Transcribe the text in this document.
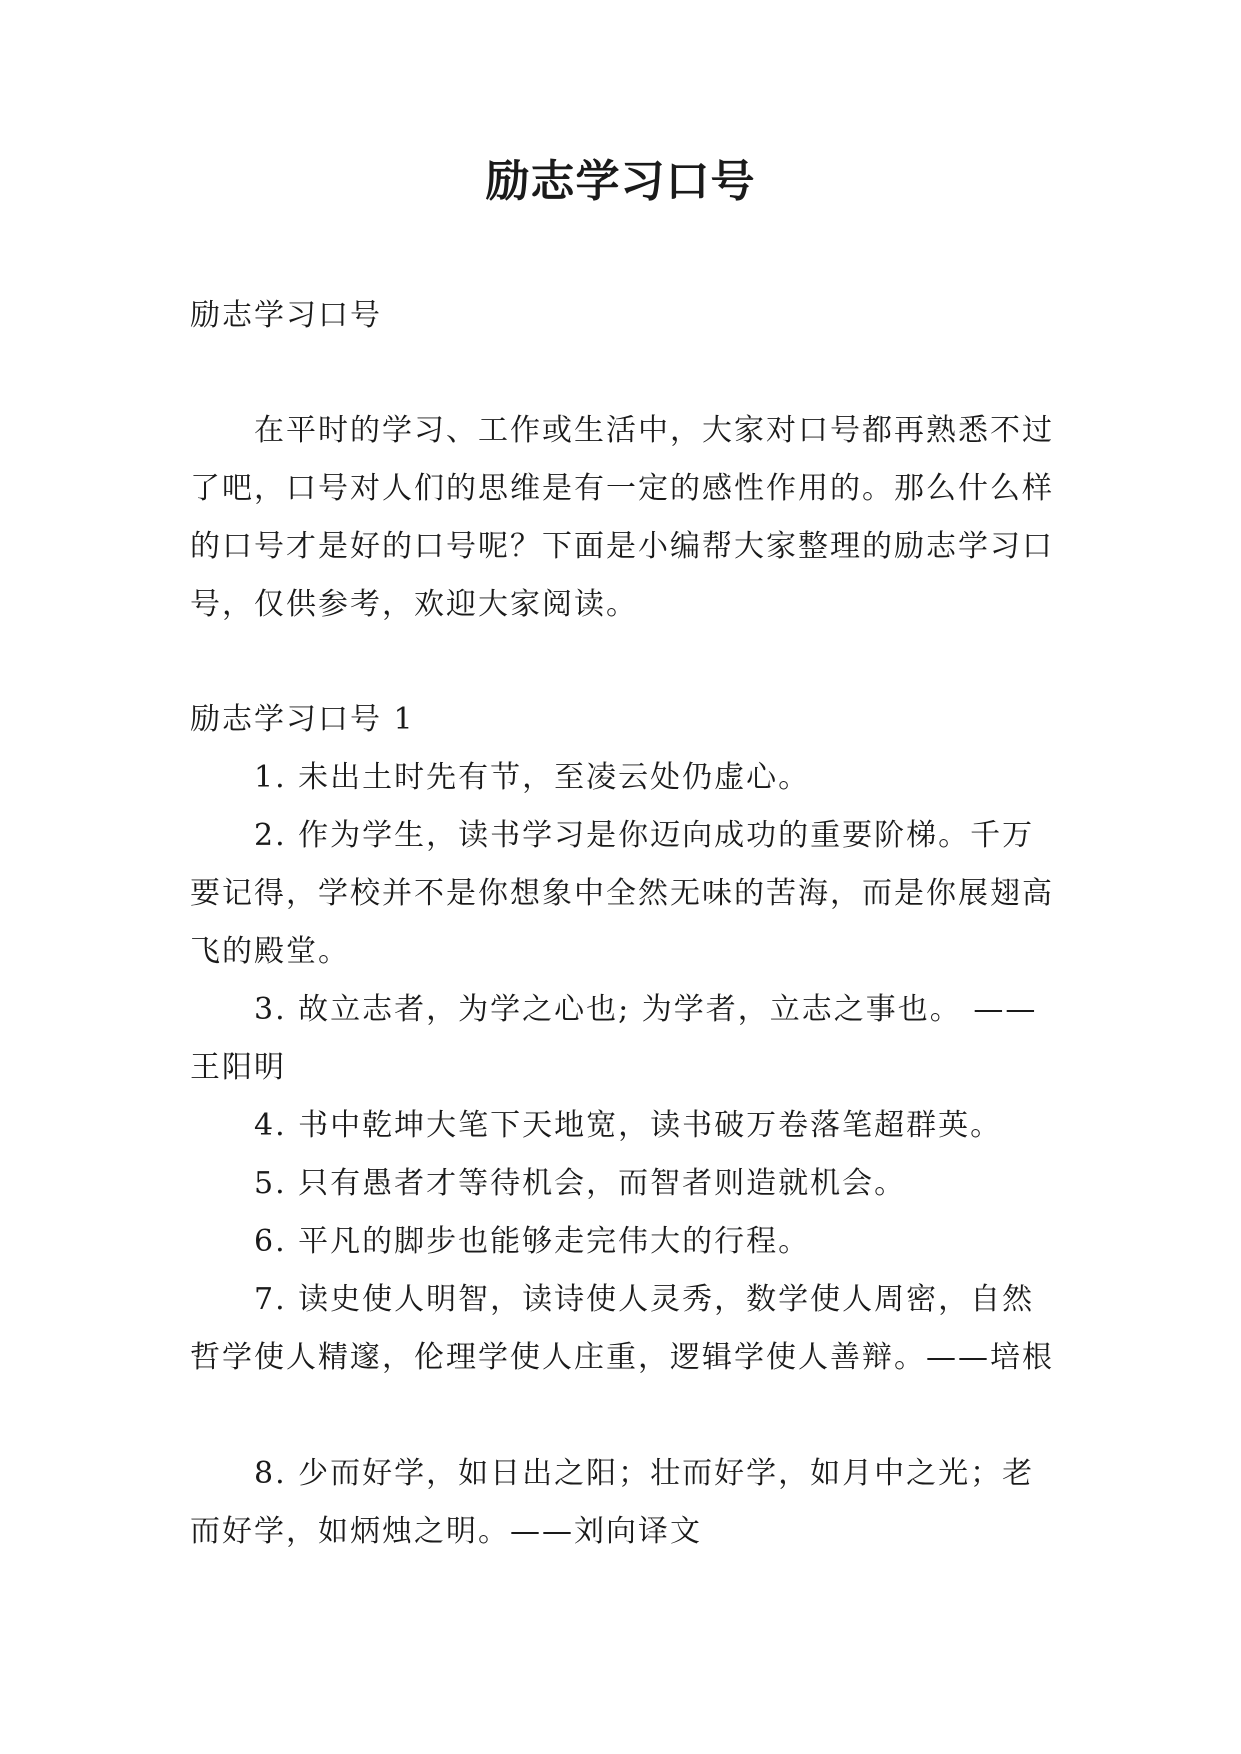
励志学习口号

励志学习口号

在平时的学习、工作或生活中，大家对口号都再熟悉不过了吧，口号对人们的思维是有一定的感性作用的。那么什么样的口号才是好的口号呢？下面是小编帮大家整理的励志学习口号，仅供参考，欢迎大家阅读。

励志学习口号 1

1. 未出土时先有节，至凌云处仍虚心。

2. 作为学生，读书学习是你迈向成功的重要阶梯。千万要记得，学校并不是你想象中全然无味的苦海，而是你展翅高飞的殿堂。

3. 故立志者，为学之心也; 为学者，立志之事也。 ——王阳明

4. 书中乾坤大笔下天地宽，读书破万卷落笔超群英。

5. 只有愚者才等待机会，而智者则造就机会。

6. 平凡的脚步也能够走完伟大的行程。

7. 读史使人明智，读诗使人灵秀，数学使人周密，自然哲学使人精邃，伦理学使人庄重，逻辑学使人善辩。——培根

8. 少而好学，如日出之阳；壮而好学，如月中之光；老而好学，如炳烛之明。——刘向译文
